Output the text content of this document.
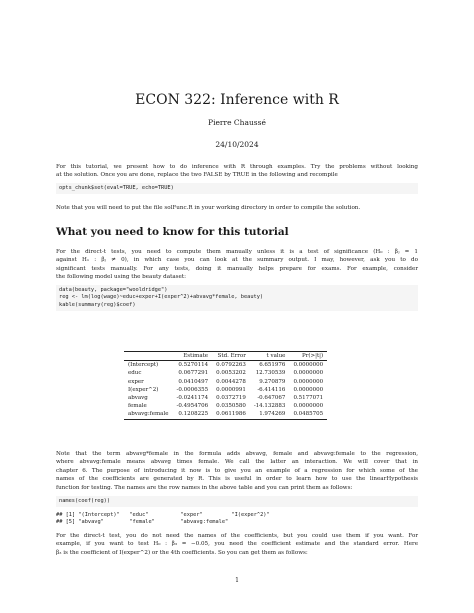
ECON 322: Inference with R
Pierre Chaussé
24/10/2024
For this tutorial, we present how to do inference with R through examples. Try the problems without looking
at the solution. Once you are done, replace the two FALSE by TRUE in the following and recompile
opts_chunk$set(eval=TRUE, echo=TRUE)
Note that you will need to put the file solFunc.R in your working directory in order to compile the solution.
What you need to know for this tutorial
For the direct-t tests, you need to compute them manually unless it is a test of significance (H₀ : βⱼ = 1
against H₁ : βⱼ ≠ 0), in which case you can look at the summary output. I may, however, ask you to do
significant tests manually. For any tests, doing it manually helps prepare for exams. For example, consider
the following model using the beauty dataset:
data(beauty, package="wooldridge")
reg <- lm(log(wage)~educ+exper+I(exper^2)+abvavg*female, beauty)
kable(summary(reg)$coef)
	Estimate	Std. Error	t value	Pr(>|t|)
(Intercept)	0.5270114	0.0792263	6.651976	0.0000000
educ	0.0677291	0.0053202	12.730539	0.0000000
exper	0.0410497	0.0044278	9.270879	0.0000000
I(exper^2)	-0.0006355	0.0000991	-6.414116	0.0000000
abvavg	-0.0241174	0.0372719	-0.647067	0.5177071
female	-0.4954706	0.0350580	-14.132883	0.0000000
abvavg:female	0.1208225	0.0611986	1.974269	0.0485705
Note that the term abvavg*female in the formula adds abvavg, female and abvavg:female to the regression,
where abvavg:female means abvavg times female. We call the latter an interaction. We will cover that in
chapter 6. The purpose of introducing it now is to give you an example of a regression for which some of the
names of the coefficients are generated by R. This is useful in order to learn how to use the linearHypothesis
function for testing. The names are the row names in the above table and you can print them as follows:
names(coef(reg))
## [1] "(Intercept)"   "educ"          "exper"         "I(exper^2)"
## [5] "abvavg"        "female"        "abvavg:female"
For the direct-t test, you do not need the names of the coefficients, but you could use them if you want. For
example, if you want to test H₀ : β₃ = −0.05, you need the coefficient estimate and the standard error. Here
β₃ is the coefficient of I(exper^2) or the 4th coefficients. So you can get them as follows:
1
